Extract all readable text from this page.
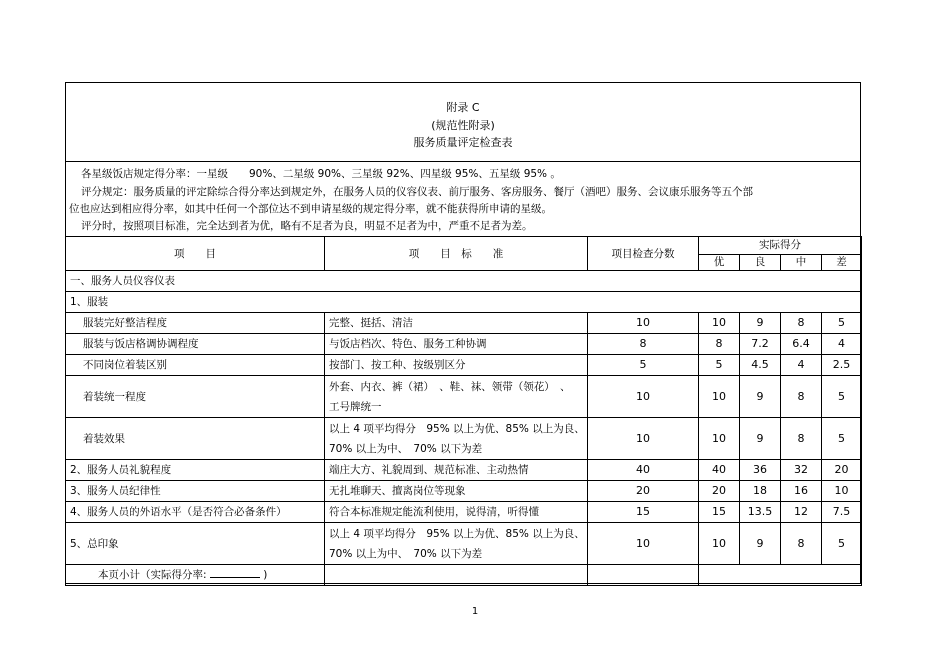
附录 C
(规范性附录)
服务质量评定检查表
各星级饭店规定得分率：一星级　　90%、二星级 90%、三星级 92%、四星级 95%、五星级 95% 。
评分规定：服务质量的评定除综合得分率达到规定外，在服务人员的仪容仪表、前厅服务、客房服务、餐厅（酒吧）服务、会议康乐服务等五个部
位也应达到相应得分率，如其中任何一个部位达不到申请星级的规定得分率，就不能获得所申请的星级。
评分时，按照项目标准，完全达到者为优，略有不足者为良，明显不足者为中，严重不足者为差。
项　　目	项　　目　标　　准	项目检查分数	实际得分			
			优	良	中	差
一、服务人员仪容仪表						
1、服装						
服装完好整洁程度	完整、挺括、清洁	10	10	9	8	5
服装与饭店格调协调程度	与饭店档次、特色、服务工种协调	8	8	7.2	6.4	4
不同岗位着装区别	按部门、按工种、按级别区分	5	5	4.5	4	2.5
着装统一程度	外套、内衣、裤（裙）　、鞋、袜、领带（领花）　、
工号牌统一	10	10	9	8	5
着装效果	以上 4 项平均得分　95% 以上为优、85% 以上为良、
70% 以上为中、　70% 以下为差	10	10	9	8	5
2、服务人员礼貌程度	端庄大方、礼貌周到、规范标准、主动热情	40	40	36	32	20
3、服务人员纪律性	无扎堆聊天、擅离岗位等现象	20	20	18	16	10
4、服务人员的外语水平（是否符合必备条件）	符合本标准规定能流利使用，说得清，听得懂	15	15	13.5	12	7.5
5、总印象	以上 4 项平均得分　95% 以上为优、85% 以上为良、
70% 以上为中、　70% 以下为差	10	10	9	8	5
本页小计（实际得分率: )						
1
